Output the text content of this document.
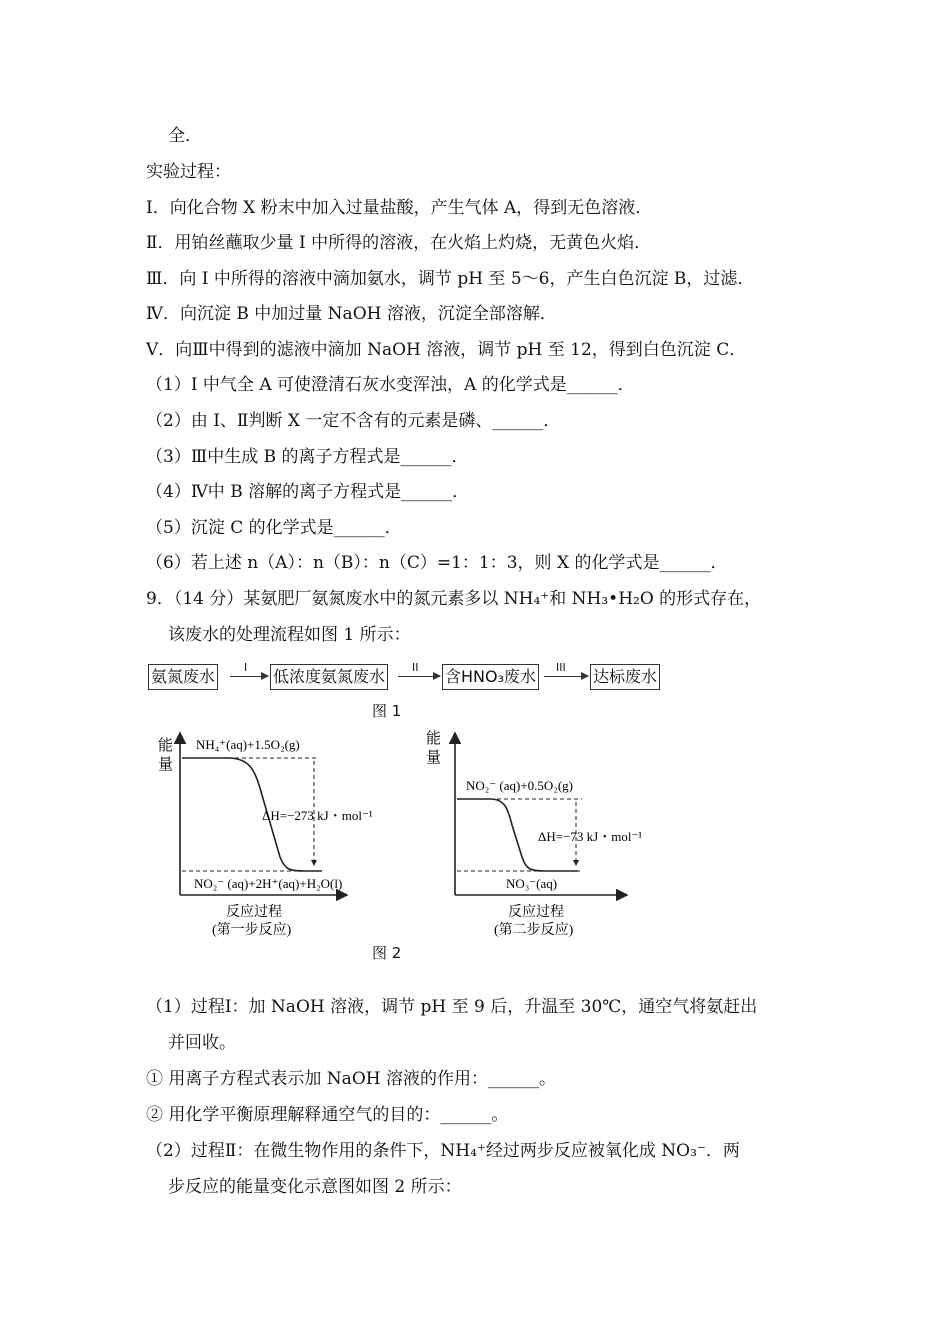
全．
实验过程：
I．向化合物 X 粉末中加入过量盐酸，产生气体 A，得到无色溶液．
Ⅱ．用铂丝蘸取少量 I 中所得的溶液，在火焰上灼烧，无黄色火焰．
Ⅲ．向 I 中所得的溶液中滴加氨水，调节 pH 至 5～6，产生白色沉淀 B，过滤．
Ⅳ．向沉淀 B 中加过量 NaOH 溶液，沉淀全部溶解．
V．向Ⅲ中得到的滤液中滴加 NaOH 溶液，调节 pH 至 12，得到白色沉淀 C．
（1）I 中气全 A 可使澄清石灰水变浑浊，A 的化学式是______．
（2）由 I、Ⅱ判断 X 一定不含有的元素是磷、______．
（3）Ⅲ中生成 B 的离子方程式是______．
（4）Ⅳ中 B 溶解的离子方程式是______．
（5）沉淀 C 的化学式是______．
（6）若上述 n（A）：n（B）：n（C）=1：1：3，则 X 的化学式是______．
9．（14 分）某氨肥厂氨氮废水中的氮元素多以 NH₄⁺和 NH₃•H₂O 的形式存在，
该废水的处理流程如图 1 所示：
（1）过程Ⅰ：加 NaOH 溶液，调节 pH 至 9 后，升温至 30℃，通空气将氨赶出
并回收。
① 用离子方程式表示加 NaOH 溶液的作用：______。
② 用化学平衡原理解释通空气的目的：______。
（2）过程Ⅱ：在微生物作用的条件下，NH₄⁺经过两步反应被氧化成 NO₃⁻．两
步反应的能量变化示意图如图 2 所示：
氨氮废水	I 低浓度氨氮废水 II 含HNO₃废水 III 达标废水
图 1
能
量
NH₄⁺(aq)+1.5O₂(g)
ΔH=−273 kJ・mol⁻¹
NO₂⁻ (aq)+2H⁺(aq)+H₂O(l)
反应过程
(第一步反应)
能
量
NO₂⁻ (aq)+0.5O₂(g)
ΔH=−73 kJ・mol⁻¹
NO₃⁻(aq)
反应过程
(第二步反应)
图 2
